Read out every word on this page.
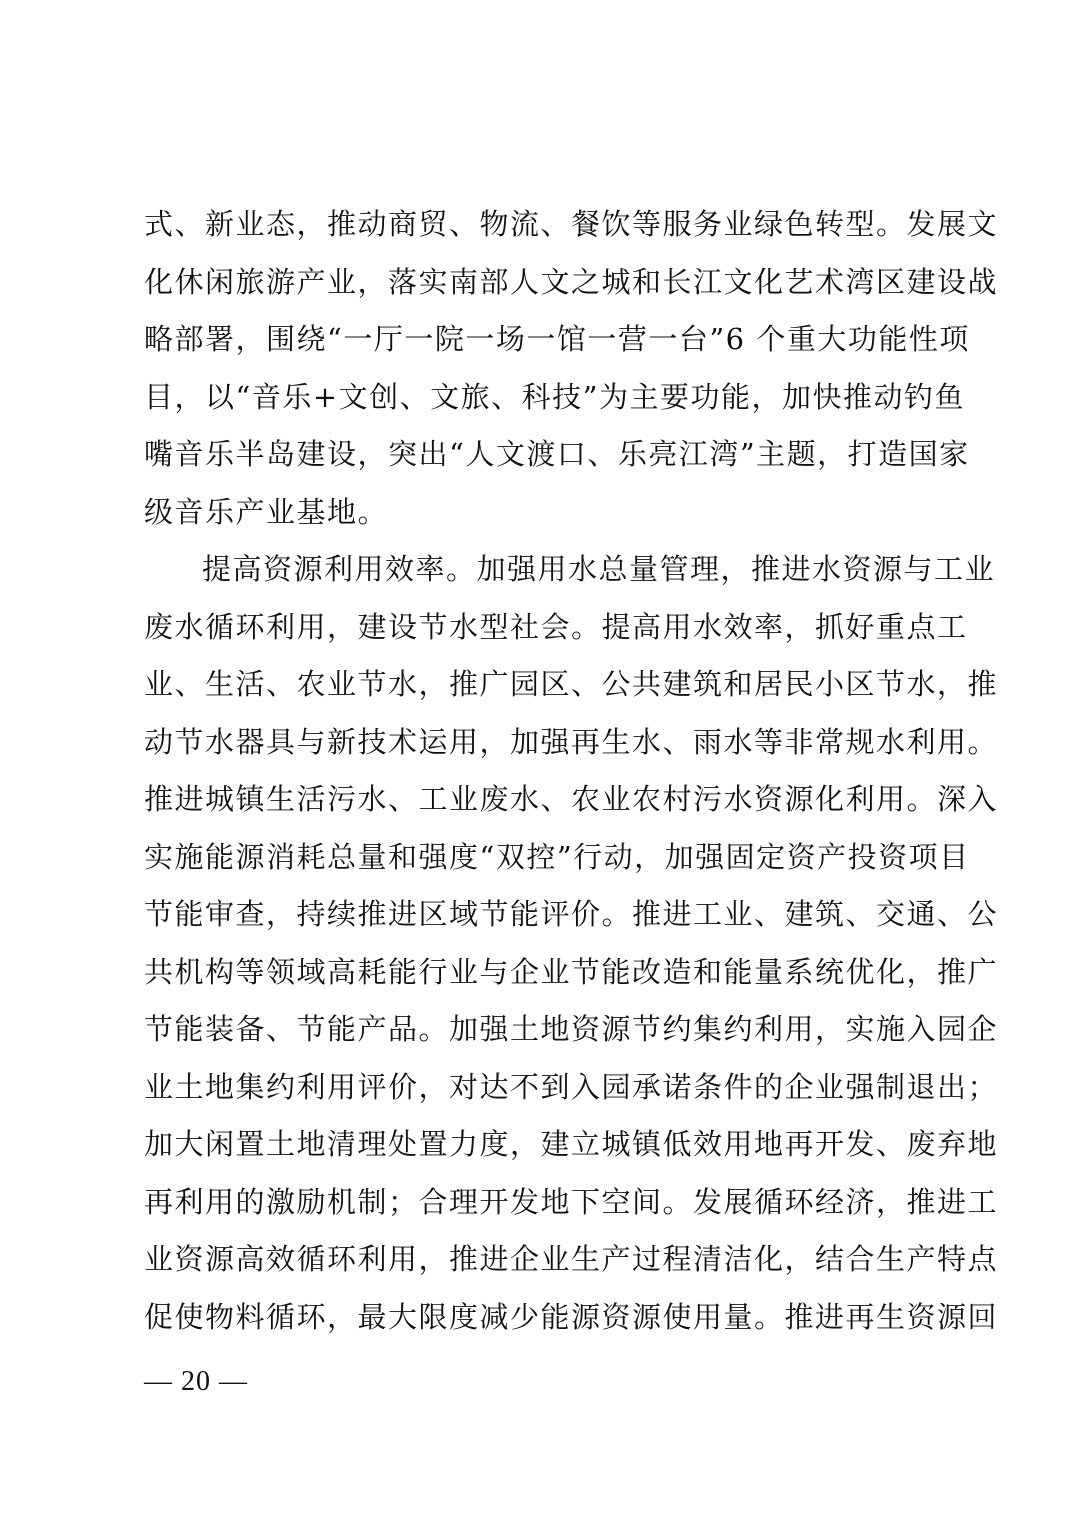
式、新业态，推动商贸、物流、餐饮等服务业绿色转型。发展文
化休闲旅游产业，落实南部人文之城和长江文化艺术湾区建设战
略部署，围绕“一厅一院一场一馆一营一台”6 个重大功能性项
目，以“音乐+文创、文旅、科技”为主要功能，加快推动钓鱼
嘴音乐半岛建设，突出“人文渡口、乐亮江湾”主题，打造国家
级音乐产业基地。
提高资源利用效率。加强用水总量管理，推进水资源与工业
废水循环利用，建设节水型社会。提高用水效率，抓好重点工
业、生活、农业节水，推广园区、公共建筑和居民小区节水，推
动节水器具与新技术运用，加强再生水、雨水等非常规水利用。
推进城镇生活污水、工业废水、农业农村污水资源化利用。深入
实施能源消耗总量和强度“双控”行动，加强固定资产投资项目
节能审查，持续推进区域节能评价。推进工业、建筑、交通、公
共机构等领域高耗能行业与企业节能改造和能量系统优化，推广
节能装备、节能产品。加强土地资源节约集约利用，实施入园企
业土地集约利用评价，对达不到入园承诺条件的企业强制退出；
加大闲置土地清理处置力度，建立城镇低效用地再开发、废弃地
再利用的激励机制；合理开发地下空间。发展循环经济，推进工
业资源高效循环利用，推进企业生产过程清洁化，结合生产特点
促使物料循环，最大限度减少能源资源使用量。推进再生资源回
— 20 —
